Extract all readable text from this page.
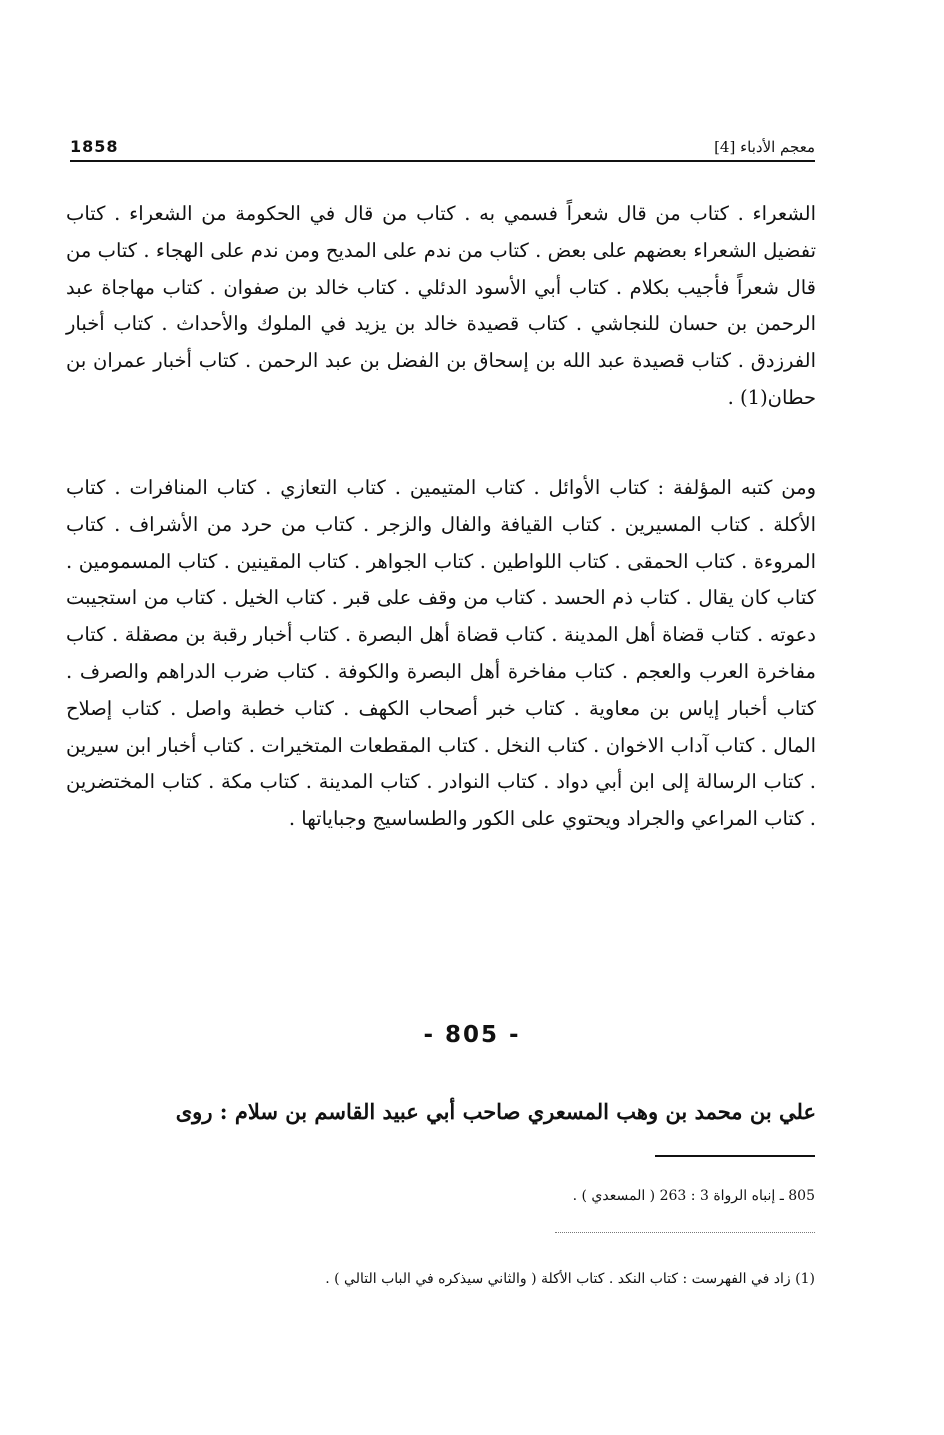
1858	معجم الأدباء [4]

الشعراء . كتاب من قال شعراً فسمي به . كتاب من قال في الحكومة من الشعراء . كتاب تفضيل الشعراء بعضهم على بعض . كتاب من ندم على المديح ومن ندم على الهجاء . كتاب من قال شعراً فأجيب بكلام . كتاب أبي الأسود الدئلي . كتاب خالد بن صفوان . كتاب مهاجاة عبد الرحمن بن حسان للنجاشي . كتاب قصيدة خالد بن يزيد في الملوك والأحداث . كتاب أخبار الفرزدق . كتاب قصيدة عبد الله بن إسحاق بن الفضل بن عبد الرحمن . كتاب أخبار عمران بن حطان(1) .

ومن كتبه المؤلفة : كتاب الأوائل . كتاب المتيمين . كتاب التعازي . كتاب المنافرات . كتاب الأكلة . كتاب المسيرين . كتاب القيافة والفال والزجر . كتاب من حرد من الأشراف . كتاب المروءة . كتاب الحمقى . كتاب اللواطين . كتاب الجواهر . كتاب المقينين . كتاب المسمومين . كتاب كان يقال . كتاب ذم الحسد . كتاب من وقف على قبر . كتاب الخيل . كتاب من استجيبت دعوته . كتاب قضاة أهل المدينة . كتاب قضاة أهل البصرة . كتاب أخبار رقبة بن مصقلة . كتاب مفاخرة العرب والعجم . كتاب مفاخرة أهل البصرة والكوفة . كتاب ضرب الدراهم والصرف . كتاب أخبار إياس بن معاوية . كتاب خبر أصحاب الكهف . كتاب خطبة واصل . كتاب إصلاح المال . كتاب آداب الاخوان . كتاب النخل . كتاب المقطعات المتخيرات . كتاب أخبار ابن سيرين . كتاب الرسالة إلى ابن أبي دواد . كتاب النوادر . كتاب المدينة . كتاب مكة . كتاب المختضرين . كتاب المراعي والجراد ويحتوي على الكور والطساسيج وجباياتها .

- 805 -

علي بن محمد بن وهب المسعري صاحب أبي عبيد القاسم بن سلام : روى

805 ـ إنباه الرواة 3 : 263 ( المسعدي ) .

(1) زاد في الفهرست : كتاب النكد . كتاب الأكلة ( والثاني سيذكره في الباب التالي ) .
